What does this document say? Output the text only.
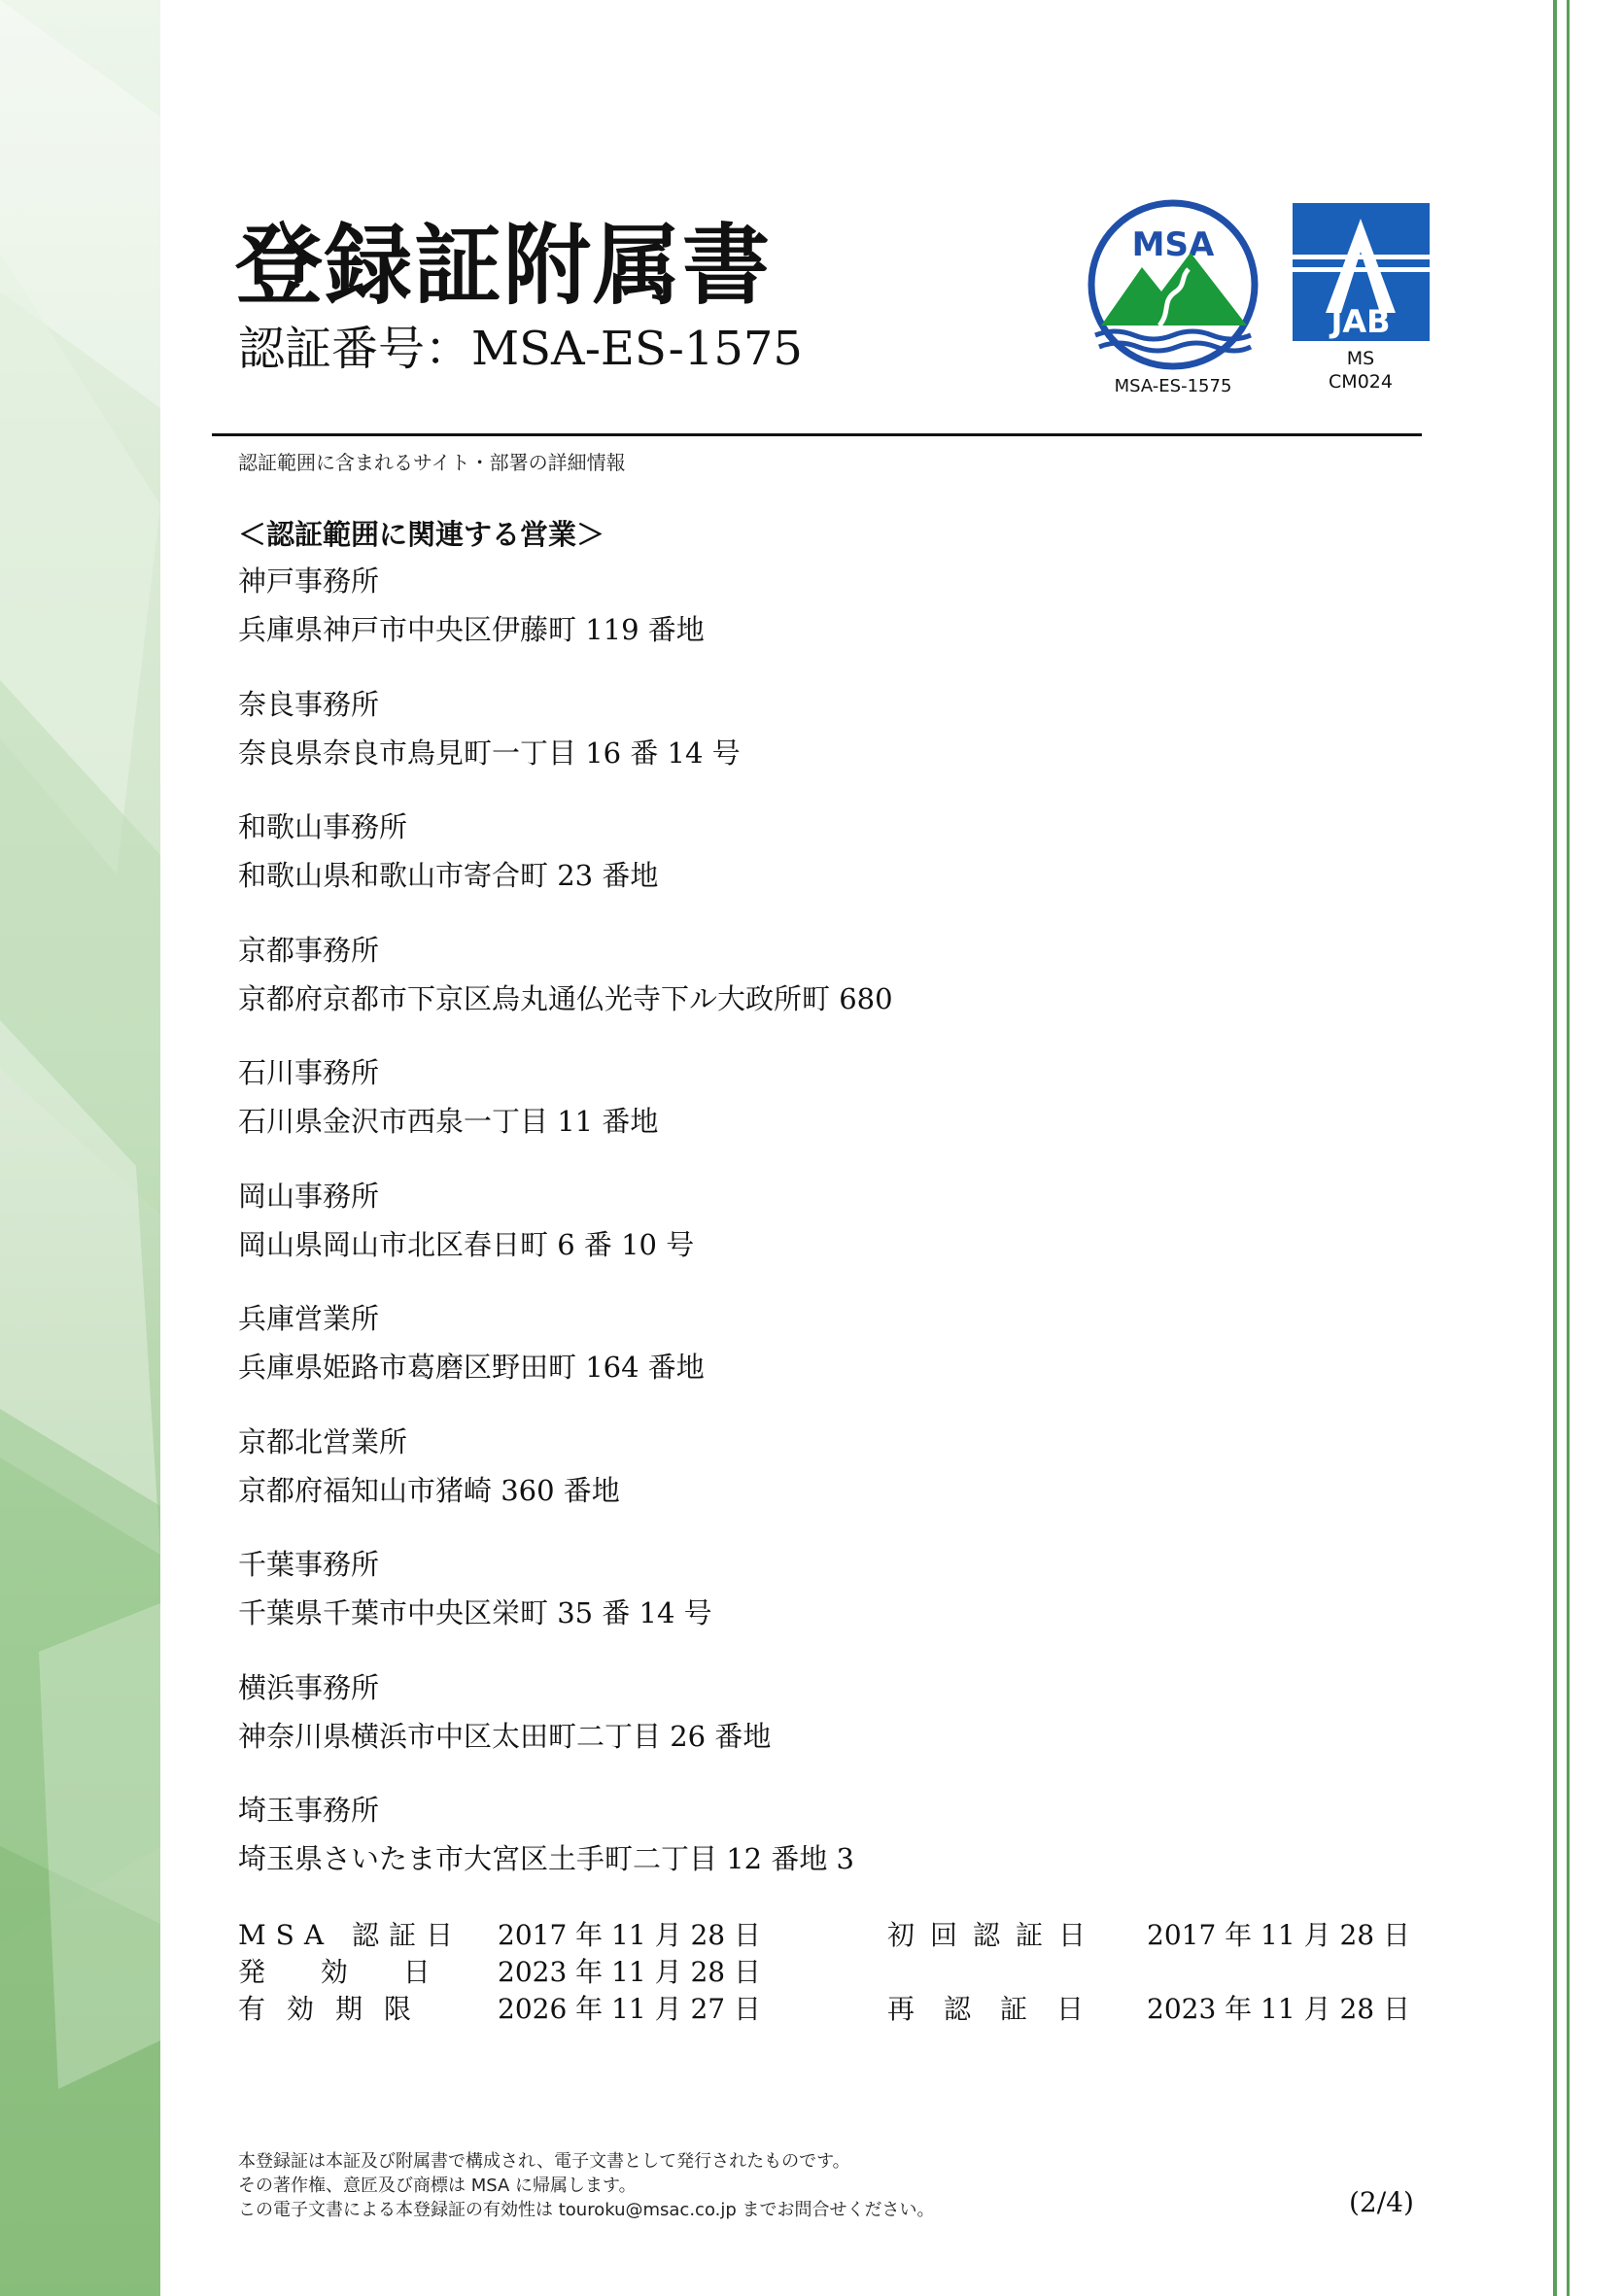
登録証附属書
認証番号：MSA-ES-1575
MSA
MSA-ES-1575
JAB
MS
CM024
認証範囲に含まれるサイト・部署の詳細情報
＜認証範囲に関連する営業＞
神戸事務所
兵庫県神戸市中央区伊藤町 119 番地
奈良事務所
奈良県奈良市鳥見町一丁目 16 番 14 号
和歌山事務所
和歌山県和歌山市寄合町 23 番地
京都事務所
京都府京都市下京区烏丸通仏光寺下ル大政所町 680
石川事務所
石川県金沢市西泉一丁目 11 番地
岡山事務所
岡山県岡山市北区春日町 6 番 10 号
兵庫営業所
兵庫県姫路市葛磨区野田町 164 番地
京都北営業所
京都府福知山市猪崎 360 番地
千葉事務所
千葉県千葉市中央区栄町 35 番 14 号
横浜事務所
神奈川県横浜市中区太田町二丁目 26 番地
埼玉事務所
埼玉県さいたま市大宮区土手町二丁目 12 番地 3
MSA 認証日 2017 年 11 月 28 日	初回認証日 2017 年 11 月 28 日
発 効 日 2023 年 11 月 28 日
有効期限 2026 年 11 月 27 日	再認証日 2023 年 11 月 28 日
本登録証は本証及び附属書で構成され、電子文書として発行されたものです。
その著作権、意匠及び商標は MSA に帰属します。
この電子文書による本登録証の有効性は touroku@msac.co.jp までお問合せください。	(2/4)
